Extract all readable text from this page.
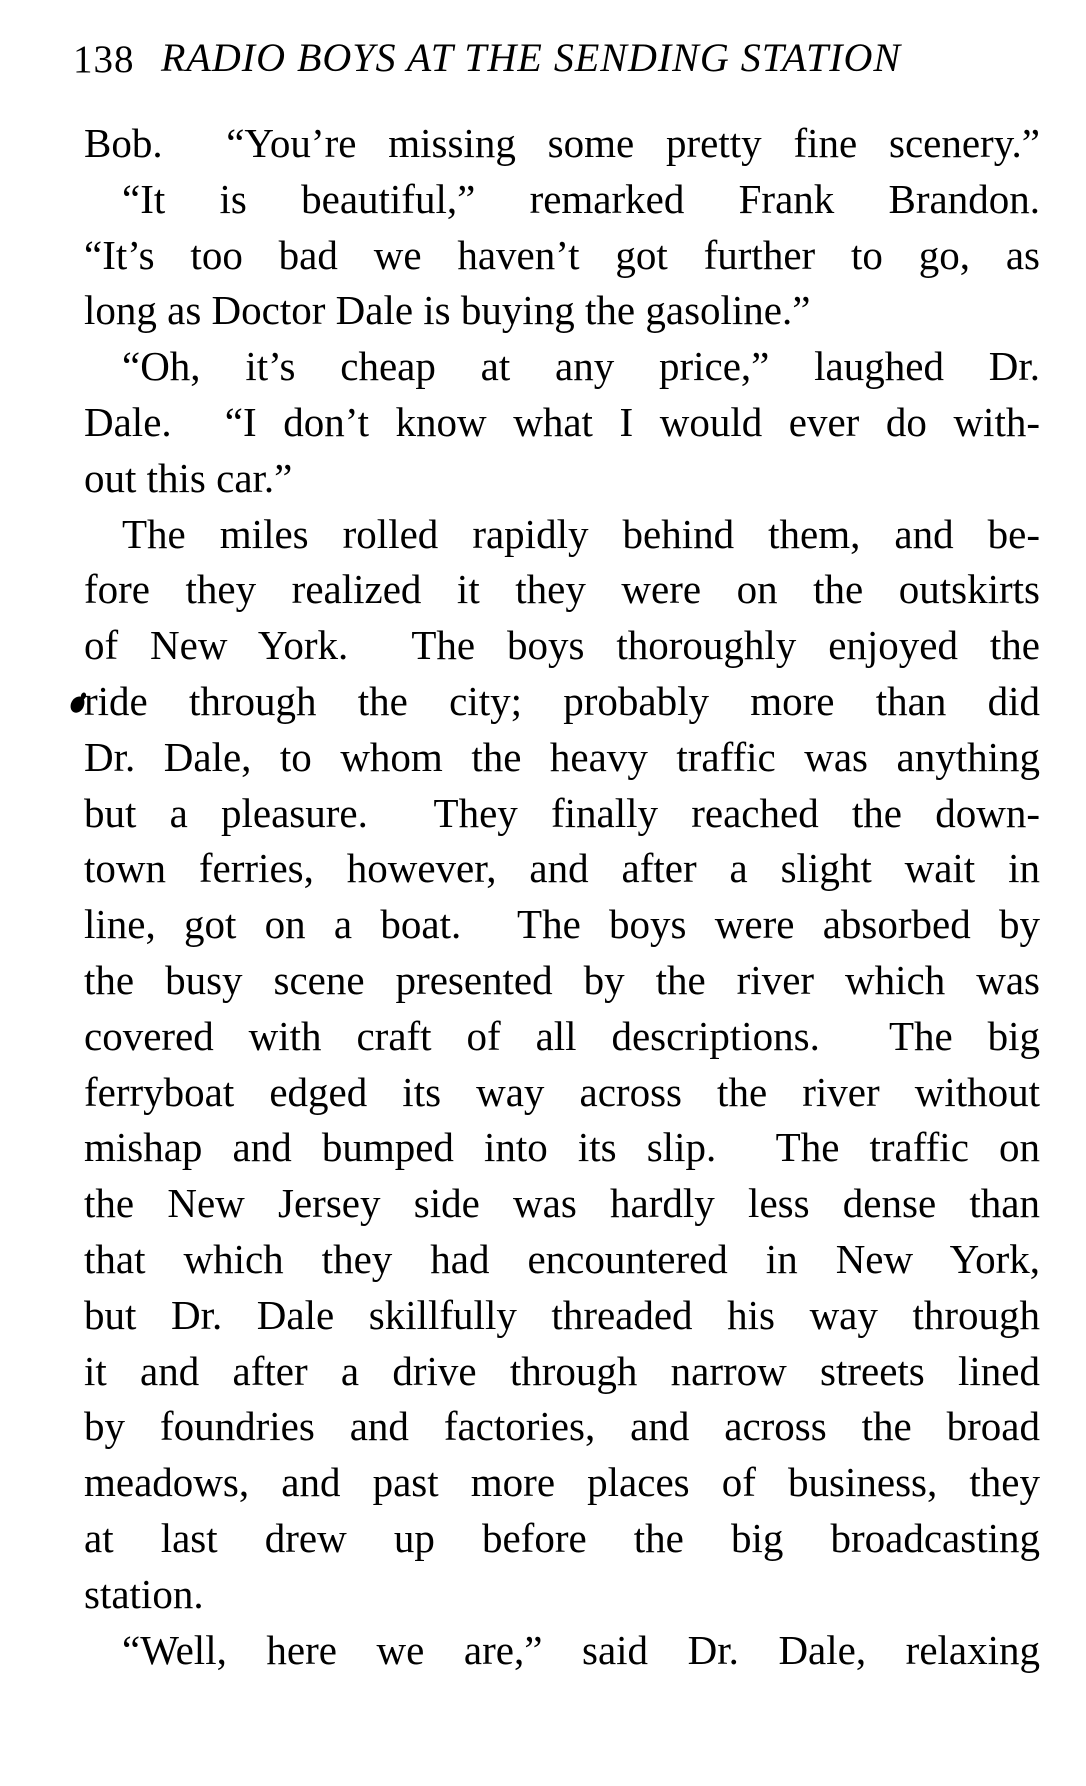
138 RADIO BOYS AT THE SENDING STATION
Bob.  “You’re missing some pretty fine scenery.”
“It is beautiful,” remarked Frank Brandon.
“It’s too bad we haven’t got further to go, as
long as Doctor Dale is buying the gasoline.”
“Oh, it’s cheap at any price,” laughed Dr.
Dale.  “I don’t know what I would ever do with-
out this car.”
The miles rolled rapidly behind them, and be-
fore they realized it they were on the outskirts
of New York.  The boys thoroughly enjoyed the
ride through the city; probably more than did
Dr. Dale, to whom the heavy traffic was anything
but a pleasure.  They finally reached the down-
town ferries, however, and after a slight wait in
line, got on a boat.  The boys were absorbed by
the busy scene presented by the river which was
covered with craft of all descriptions.  The big
ferryboat edged its way across the river without
mishap and bumped into its slip.  The traffic on
the New Jersey side was hardly less dense than
that which they had encountered in New York,
but Dr. Dale skillfully threaded his way through
it and after a drive through narrow streets lined
by foundries and factories, and across the broad
meadows, and past more places of business, they
at last drew up before the big broadcasting
station.
“Well, here we are,” said Dr. Dale, relaxing
